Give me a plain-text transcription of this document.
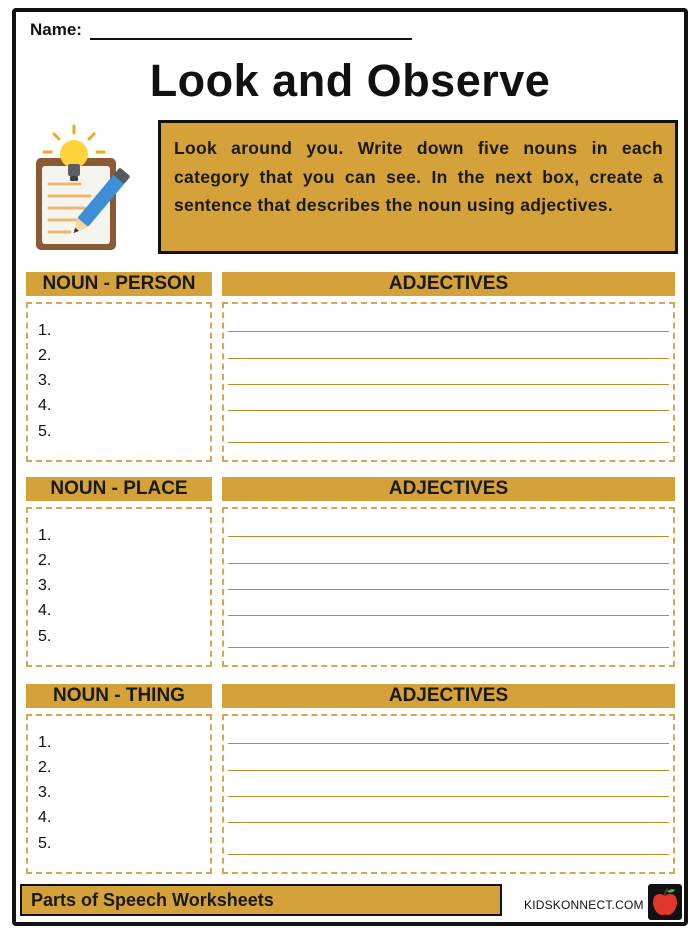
Name:
Look and Observe
Look around you. Write down five nouns in each category that you can see. In the next box, create a sentence that describes the noun using adjectives.
NOUN - PERSON	ADJECTIVES
1.
2.
3.
4.
5.
NOUN - PLACE	ADJECTIVES
1.
2.
3.
4.
5.
NOUN - THING	ADJECTIVES
1.
2.
3.
4.
5.
Parts of Speech Worksheets	KIDSKONNECT.COM
